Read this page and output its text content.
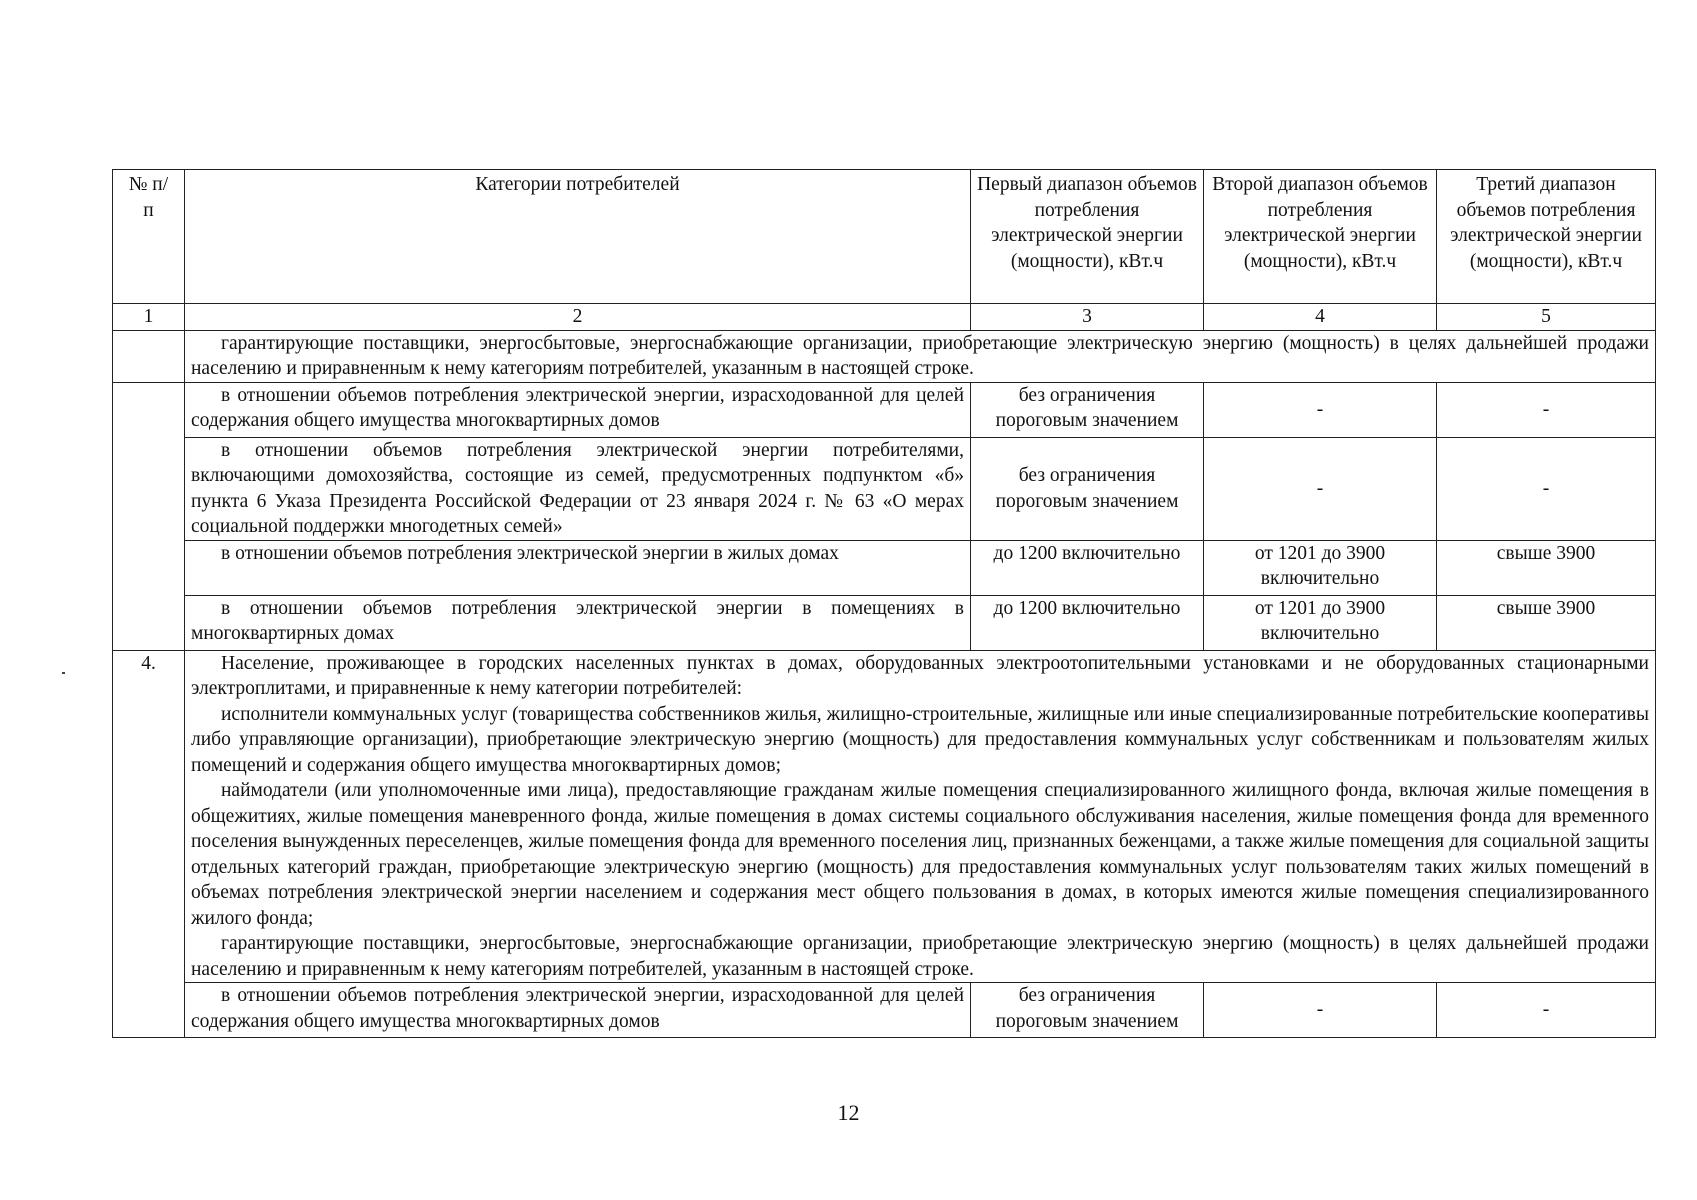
№ п/п	Категории потребителей	Первый диапазон объемов потребления электрической энергии (мощности), кВт.ч	Второй диапазон объемов потребления электрической энергии (мощности), кВт.ч	Третий диапазон объемов потребления электрической энергии (мощности), кВт.ч
1	2	3	4	5
	гарантирующие поставщики, энергосбытовые, энергоснабжающие организации, приобретающие электрическую энергию (мощность) в целях дальнейшей продажи населению и приравненным к нему категориям потребителей, указанным в настоящей строке.			
	в отношении объемов потребления электрической энергии, израсходованной для целей содержания общего имущества многоквартирных домов	без ограничения пороговым значением	-	-
	в отношении объемов потребления электрической энергии потребителями, включающими домохозяйства, состоящие из семей, предусмотренных подпунктом «б» пункта 6 Указа Президента Российской Федерации от 23 января 2024 г. № 63 «О мерах социальной поддержки многодетных семей»	без ограничения пороговым значением	-	-
	в отношении объемов потребления электрической энергии в жилых домах	до 1200 включительно	от 1201 до 3900 включительно	свыше 3900
	в отношении объемов потребления электрической энергии в помещениях в многоквартирных домах	до 1200 включительно	от 1201 до 3900 включительно	свыше 3900
4.	Население, проживающее в городских населенных пунктах в домах, оборудованных электроотопительными установками и не оборудованных стационарными электроплитами, и приравненные к нему категории потребителей:
исполнители коммунальных услуг (товарищества собственников жилья, жилищно-строительные, жилищные или иные специализированные потребительские кооперативы либо управляющие организации), приобретающие электрическую энергию (мощность) для предоставления коммунальных услуг собственникам и пользователям жилых помещений и содержания общего имущества многоквартирных домов;
наймодатели (или уполномоченные ими лица), предоставляющие гражданам жилые помещения специализированного жилищного фонда, включая жилые помещения в общежитиях, жилые помещения маневренного фонда, жилые помещения в домах системы социального обслуживания населения, жилые помещения фонда для временного поселения вынужденных переселенцев, жилые помещения фонда для временного поселения лиц, признанных беженцами, а также жилые помещения для социальной защиты отдельных категорий граждан, приобретающие электрическую энергию (мощность) для предоставления коммунальных услуг пользователям таких жилых помещений в объемах потребления электрической энергии населением и содержания мест общего пользования в домах, в которых имеются жилые помещения специализированного жилого фонда;
гарантирующие поставщики, энергосбытовые, энергоснабжающие организации, приобретающие электрическую энергию (мощность) в целях дальнейшей продажи населению и приравненным к нему категориям потребителей, указанным в настоящей строке.			

	в отношении объемов потребления электрической энергии, израсходованной для целей содержания общего имущества многоквартирных домов	без ограничения пороговым значением	-	-
12
